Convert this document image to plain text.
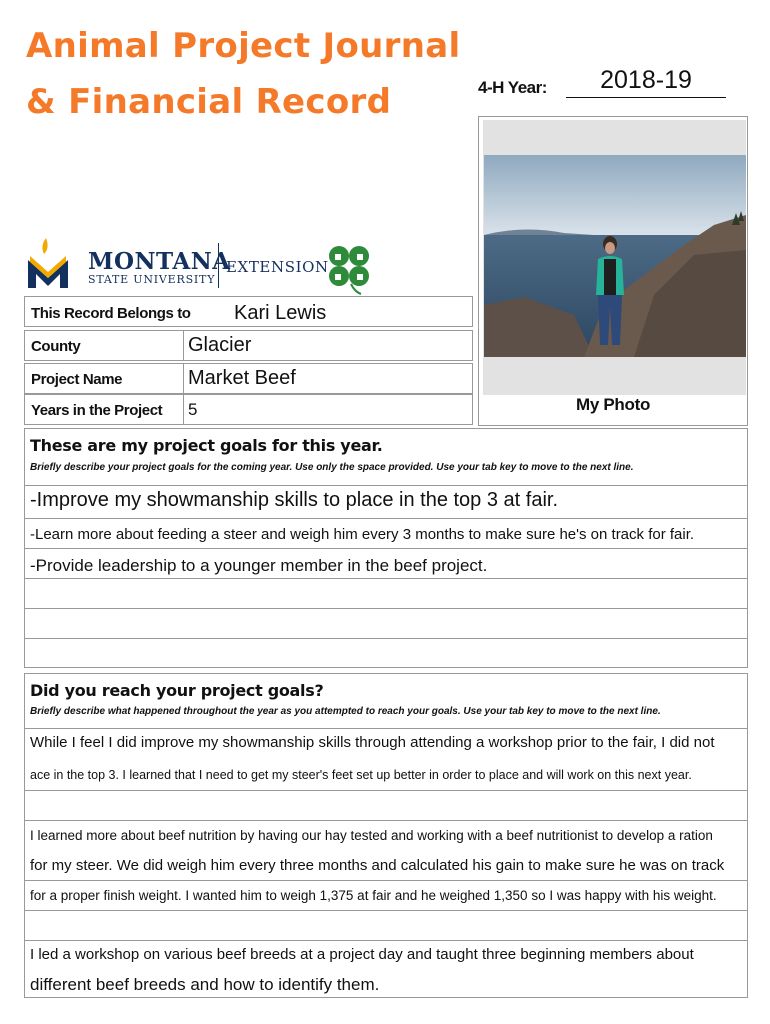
Animal Project Journal
& Financial Record	4-H Year:	2018-19
My Photo
MONTANA
STATE UNIVERSITY
EXTENSION
This Record Belongs to Kari Lewis
County	Glacier
Project Name	Market Beef
Years in the Project 5
These are my project goals for this year.
Briefly describe your project goals for the coming year. Use only the space provided. Use your tab key to move to the next line.
-Improve my showmanship skills to place in the top 3 at fair.
-Learn more about feeding a steer and weigh him every 3 months to make sure he's on track for fair.
-Provide leadership to a younger member in the beef project.
Did you reach your project goals?
Briefly describe what happened throughout the year as you attempted to reach your goals. Use your tab key to move to the next line.
While I feel I did improve my showmanship skills through attending a workshop prior to the fair, I did not
ace in the top 3. I learned that I need to get my steer's feet set up better in order to place and will work on this next year.
I learned more about beef nutrition by having our hay tested and working with a beef nutritionist to develop a ration
for my steer. We did weigh him every three months and calculated his gain to make sure he was on track
for a proper finish weight. I wanted him to weigh 1,375 at fair and he weighed 1,350 so I was happy with his weight.
I led a workshop on various beef breeds at a project day and taught three beginning members about
different beef breeds and how to identify them.
